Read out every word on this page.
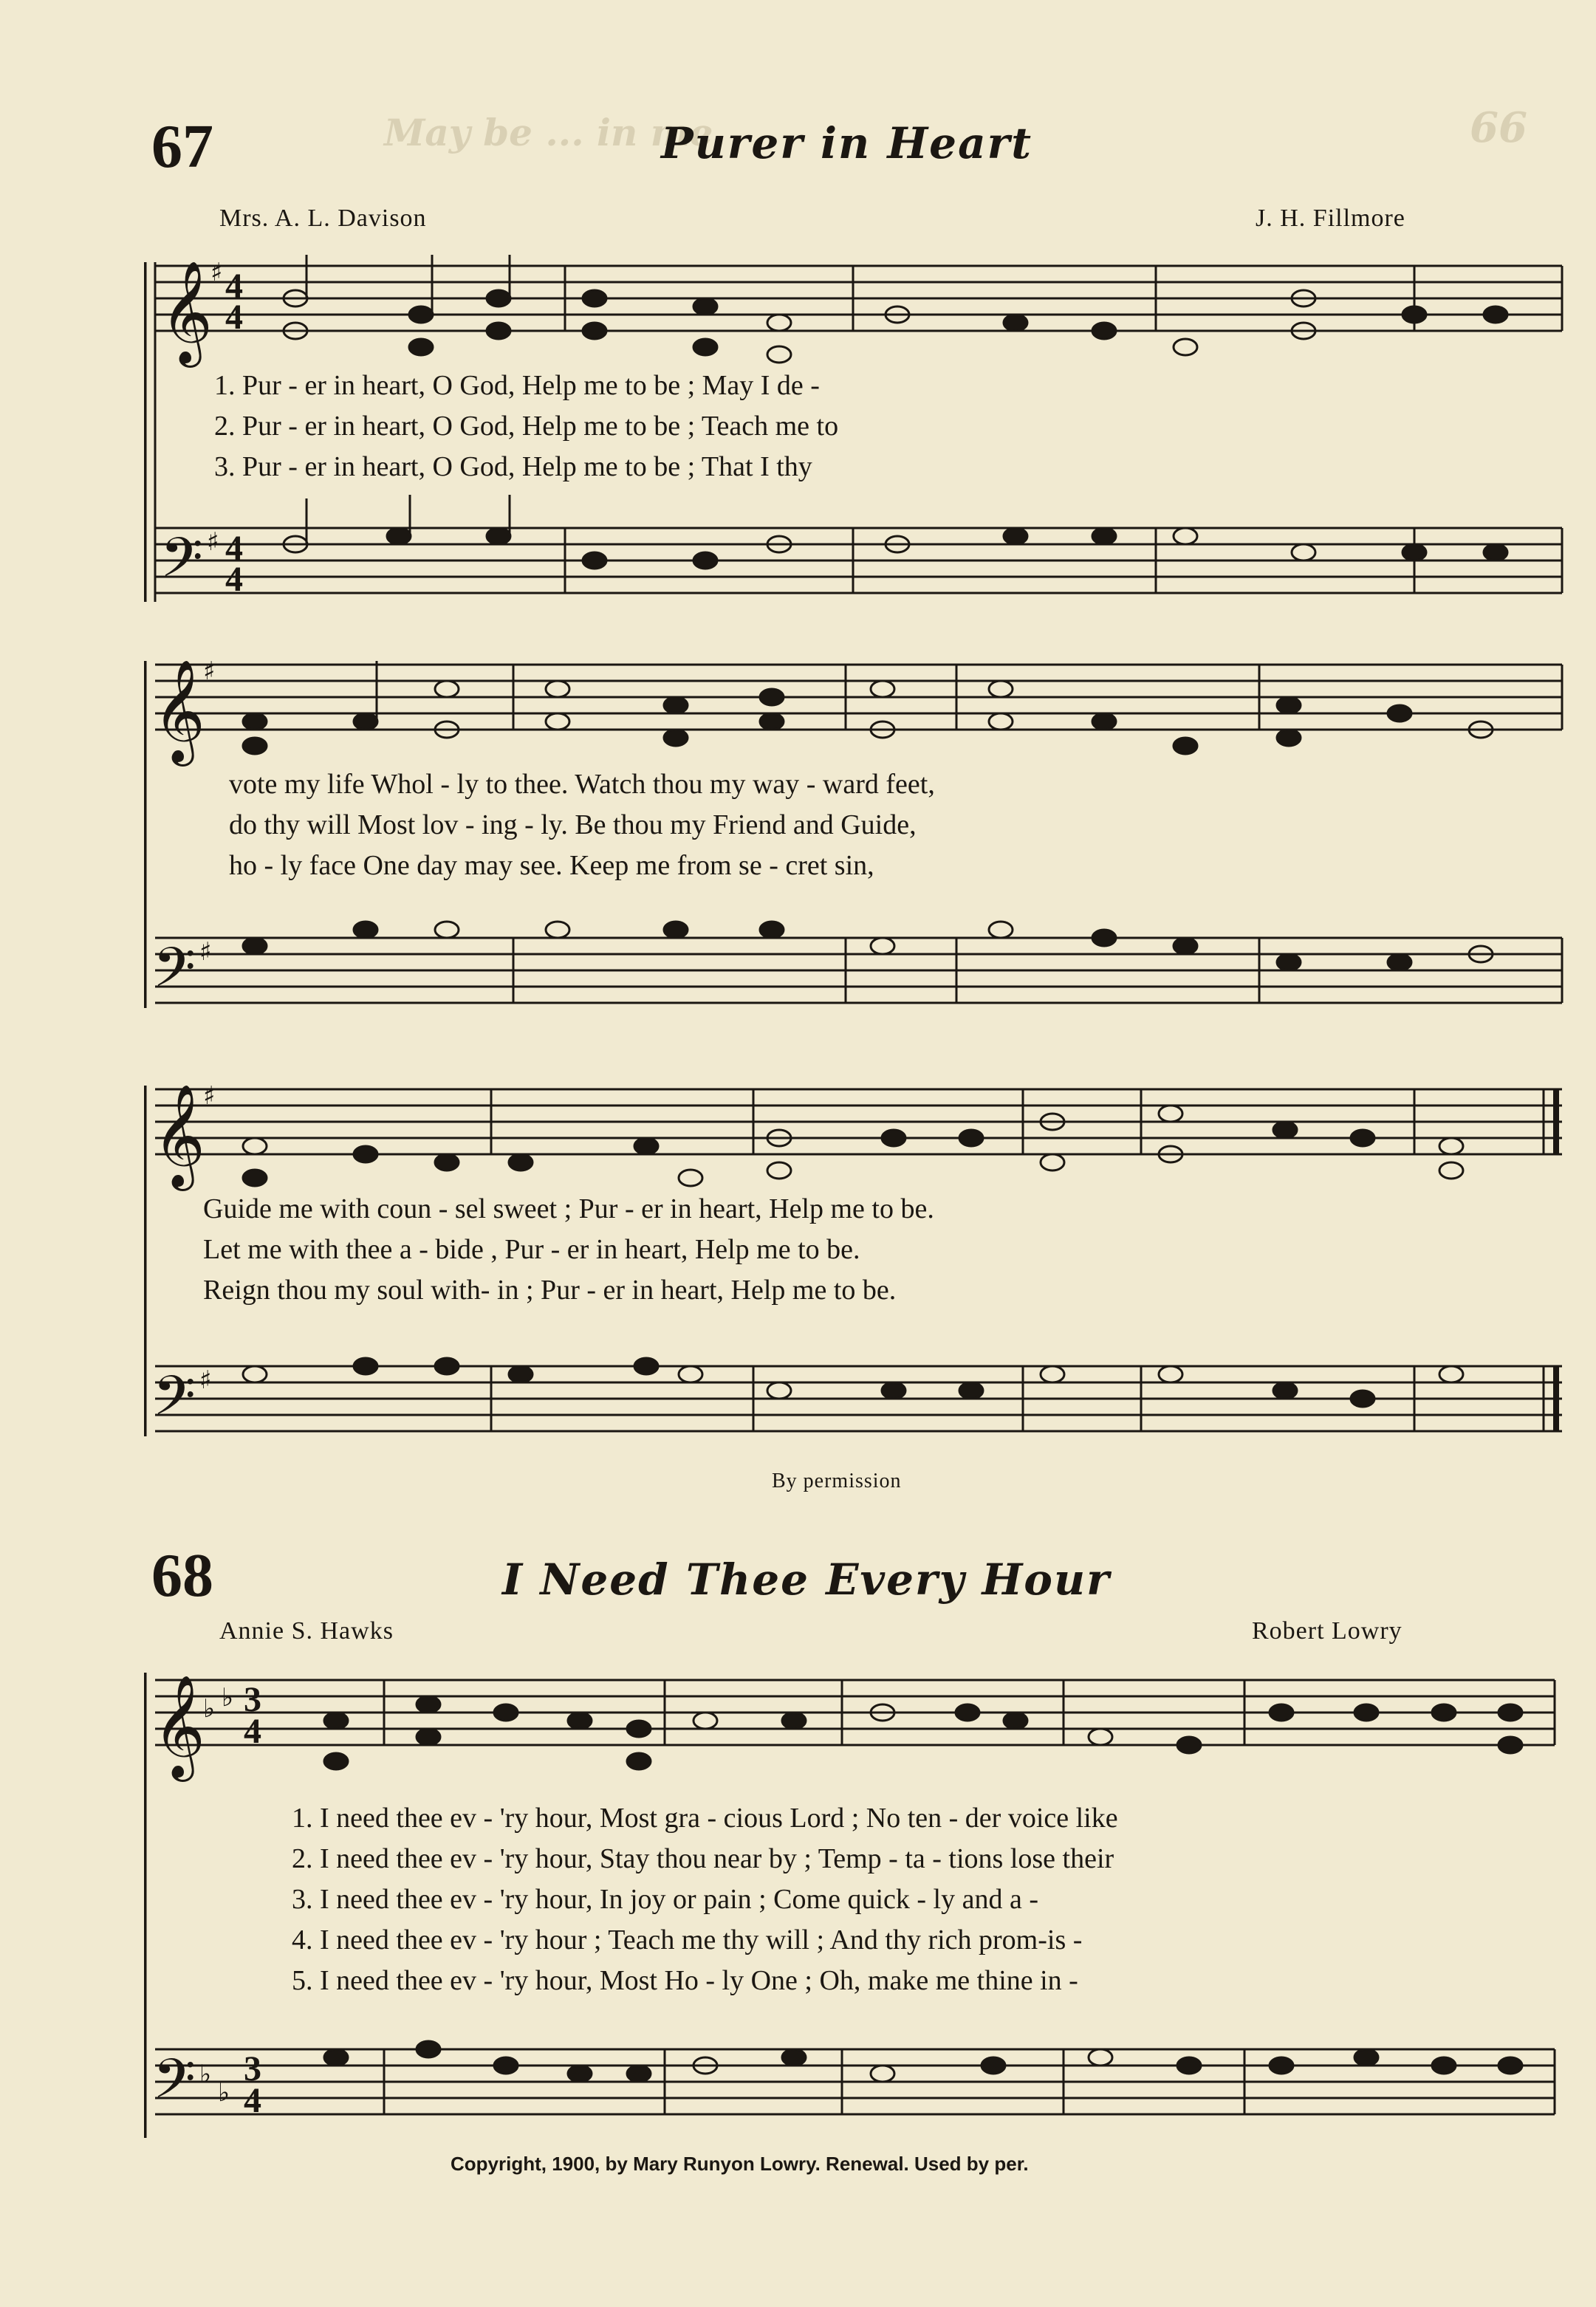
66
May be ... in me
67	Purer in Heart
Mrs. A. L. Davison	J. H. Fillmore
𝄞
𝄢
4
4
4
4
♯
♯
1. Pur - er in heart, O God, Help me to be ; May I de -
2. Pur - er in heart, O God, Help me to be ; Teach me to
3. Pur - er in heart, O God, Help me to be ; That I thy
𝄞
𝄢
♯
♯
vote my life Whol - ly to thee. Watch thou my way - ward feet,
do thy will Most lov - ing - ly. Be thou my Friend and Guide,
ho - ly face One day may see. Keep me from se - cret sin,
𝄞
𝄢
♯
♯
Guide me with coun - sel sweet ; Pur - er in heart, Help me to be.
Let me with thee a - bide , Pur - er in heart, Help me to be.
Reign thou my soul with- in ; Pur - er in heart, Help me to be.
By permission
68	I Need Thee Every Hour
Annie S. Hawks	Robert Lowry
𝄞
𝄢
♭ ♭
♭
♭
3
4
3
4
1. I need thee ev - 'ry hour, Most gra - cious Lord ; No ten - der voice like
2. I need thee ev - 'ry hour, Stay thou near by ; Temp - ta - tions lose their
3. I need thee ev - 'ry hour, In joy or pain ; Come quick - ly and a -
4. I need thee ev - 'ry hour ; Teach me thy will ; And thy rich prom-is -
5. I need thee ev - 'ry hour, Most Ho - ly One ; Oh, make me thine in -
Copyright, 1900, by Mary Runyon Lowry. Renewal. Used by per.
